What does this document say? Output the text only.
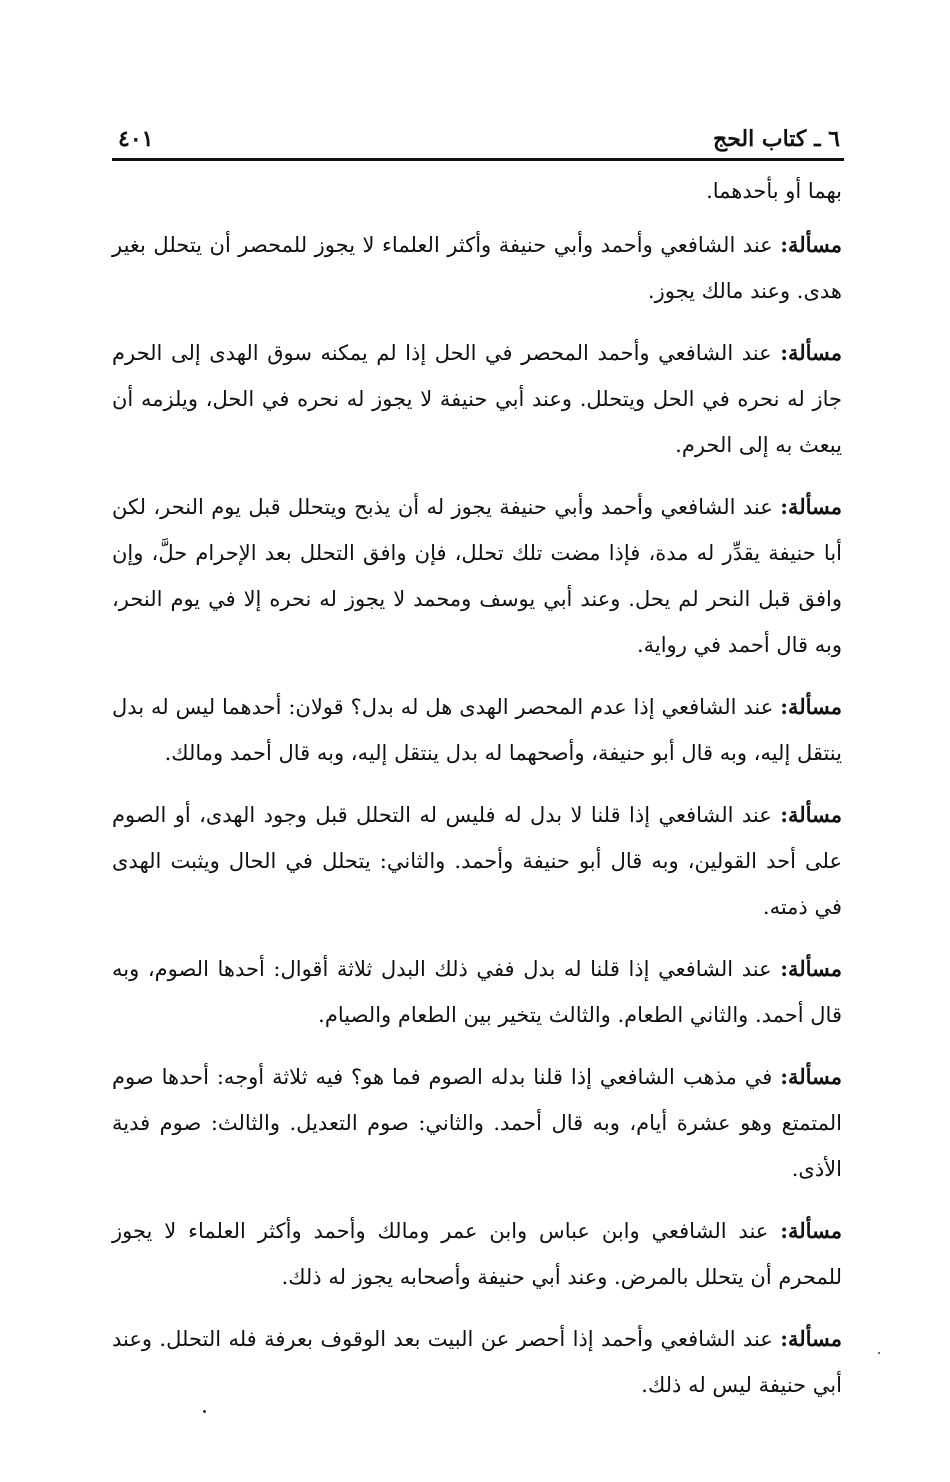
٦ ـ كتاب الحج
٤٠١

بهما أو بأحدهما.

مسألة: عند الشافعي وأحمد وأبي حنيفة وأكثر العلماء لا يجوز للمحصر أن يتحلل بغير هدى. وعند مالك يجوز.

مسألة: عند الشافعي وأحمد المحصر في الحل إذا لم يمكنه سوق الهدى إلى الحرم جاز له نحره في الحل ويتحلل. وعند أبي حنيفة لا يجوز له نحره في الحل، ويلزمه أن يبعث به إلى الحرم.

مسألة: عند الشافعي وأحمد وأبي حنيفة يجوز له أن يذبح ويتحلل قبل يوم النحر، لكن أبا حنيفة يقدِّر له مدة، فإذا مضت تلك تحلل، فإن وافق التحلل بعد الإحرام حلَّ، وإن وافق قبل النحر لم يحل. وعند أبي يوسف ومحمد لا يجوز له نحره إلا في يوم النحر، وبه قال أحمد في رواية.

مسألة: عند الشافعي إذا عدم المحصر الهدى هل له بدل؟ قولان: أحدهما ليس له بدل ينتقل إليه، وبه قال أبو حنيفة، وأصحهما له بدل ينتقل إليه، وبه قال أحمد ومالك.

مسألة: عند الشافعي إذا قلنا لا بدل له فليس له التحلل قبل وجود الهدى، أو الصوم على أحد القولين، وبه قال أبو حنيفة وأحمد. والثاني: يتحلل في الحال ويثبت الهدى في ذمته.

مسألة: عند الشافعي إذا قلنا له بدل ففي ذلك البدل ثلاثة أقوال: أحدها الصوم، وبه قال أحمد. والثاني الطعام. والثالث يتخير بين الطعام والصيام.

مسألة: في مذهب الشافعي إذا قلنا بدله الصوم فما هو؟ فيه ثلاثة أوجه: أحدها صوم المتمتع وهو عشرة أيام، وبه قال أحمد. والثاني: صوم التعديل. والثالث: صوم فدية الأذى.

مسألة: عند الشافعي وابن عباس وابن عمر ومالك وأحمد وأكثر العلماء لا يجوز للمحرم أن يتحلل بالمرض. وعند أبي حنيفة وأصحابه يجوز له ذلك.

مسألة: عند الشافعي وأحمد إذا أحصر عن البيت بعد الوقوف بعرفة فله التحلل. وعند أبي حنيفة ليس له ذلك.
